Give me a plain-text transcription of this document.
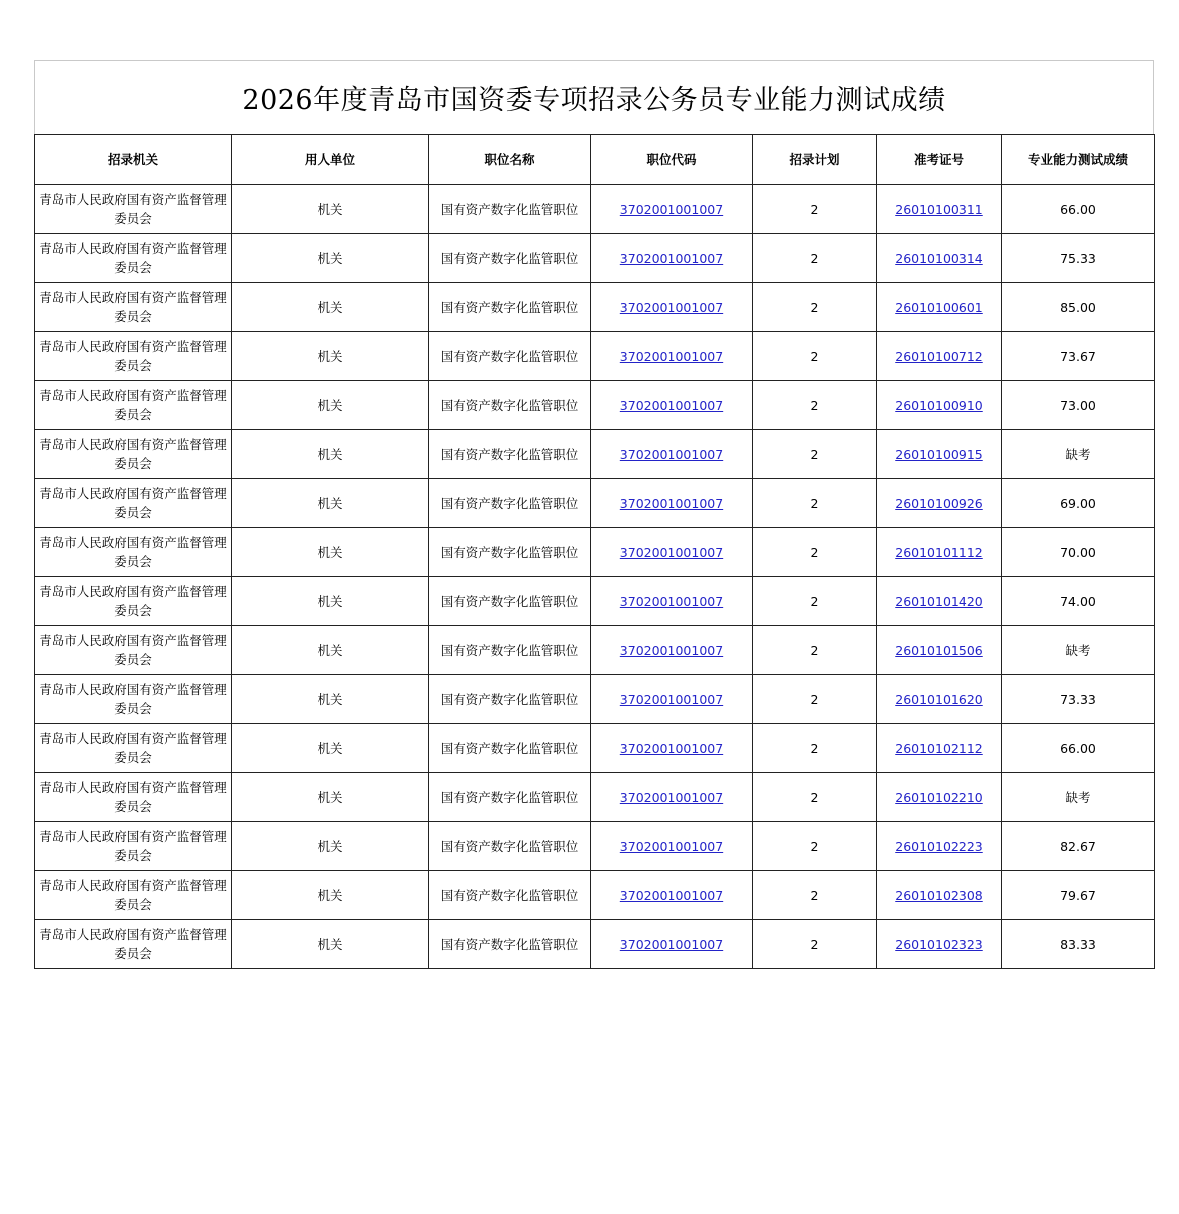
2026年度青岛市国资委专项招录公务员专业能力测试成绩
招录机关	用人单位	职位名称	职位代码	招录计划	准考证号	专业能力测试成绩
青岛市人民政府国有资产监督管理委员会	机关	国有资产数字化监管职位	3702001001007	2	26010100311	66.00
青岛市人民政府国有资产监督管理委员会	机关	国有资产数字化监管职位	3702001001007	2	26010100314	75.33
青岛市人民政府国有资产监督管理委员会	机关	国有资产数字化监管职位	3702001001007	2	26010100601	85.00
青岛市人民政府国有资产监督管理委员会	机关	国有资产数字化监管职位	3702001001007	2	26010100712	73.67
青岛市人民政府国有资产监督管理委员会	机关	国有资产数字化监管职位	3702001001007	2	26010100910	73.00
青岛市人民政府国有资产监督管理委员会	机关	国有资产数字化监管职位	3702001001007	2	26010100915	缺考
青岛市人民政府国有资产监督管理委员会	机关	国有资产数字化监管职位	3702001001007	2	26010100926	69.00
青岛市人民政府国有资产监督管理委员会	机关	国有资产数字化监管职位	3702001001007	2	26010101112	70.00
青岛市人民政府国有资产监督管理委员会	机关	国有资产数字化监管职位	3702001001007	2	26010101420	74.00
青岛市人民政府国有资产监督管理委员会	机关	国有资产数字化监管职位	3702001001007	2	26010101506	缺考
青岛市人民政府国有资产监督管理委员会	机关	国有资产数字化监管职位	3702001001007	2	26010101620	73.33
青岛市人民政府国有资产监督管理委员会	机关	国有资产数字化监管职位	3702001001007	2	26010102112	66.00
青岛市人民政府国有资产监督管理委员会	机关	国有资产数字化监管职位	3702001001007	2	26010102210	缺考
青岛市人民政府国有资产监督管理委员会	机关	国有资产数字化监管职位	3702001001007	2	26010102223	82.67
青岛市人民政府国有资产监督管理委员会	机关	国有资产数字化监管职位	3702001001007	2	26010102308	79.67
青岛市人民政府国有资产监督管理委员会	机关	国有资产数字化监管职位	3702001001007	2	26010102323	83.33
